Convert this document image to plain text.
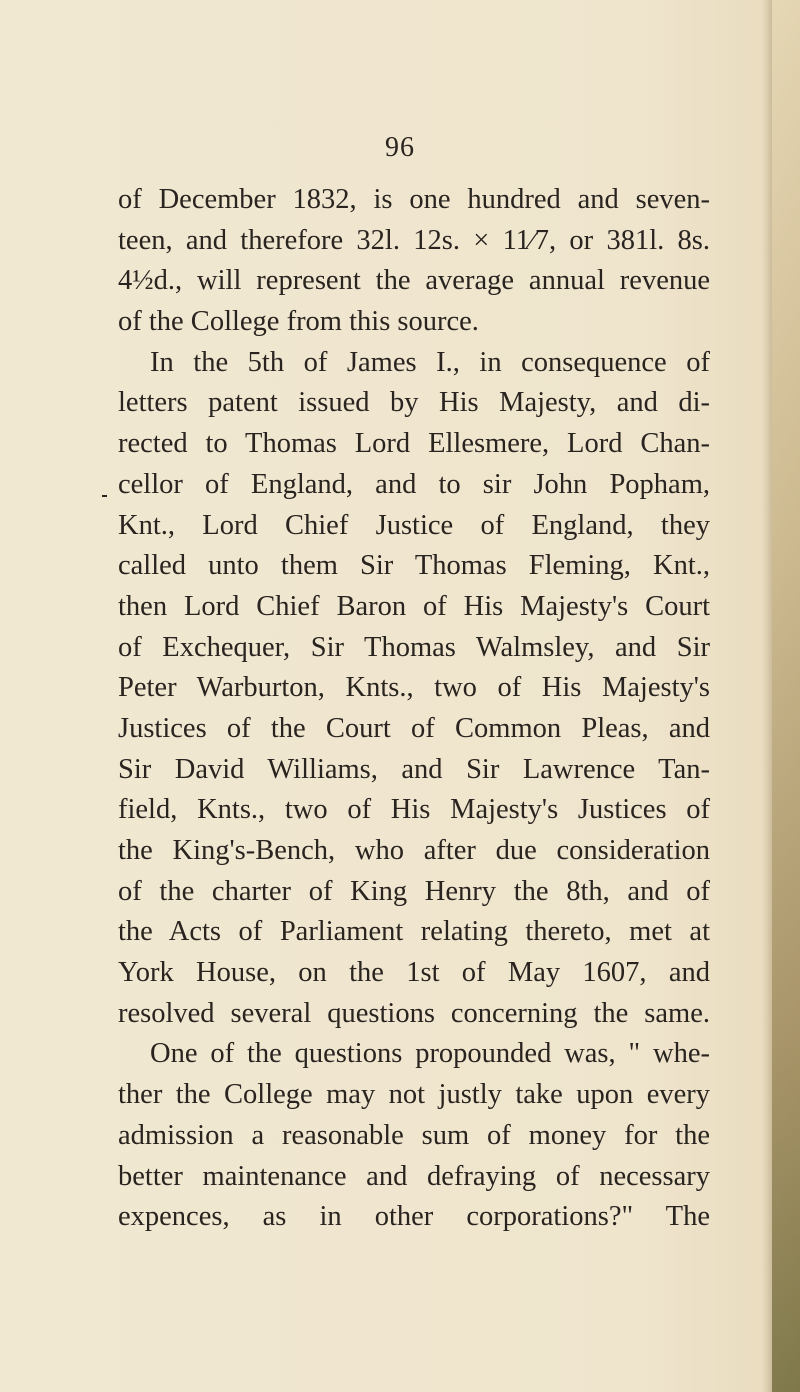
96
of December 1832, is one hundred and seven-
teen, and therefore 32l. 12s. × 11⁄7, or 381l. 8s.
4½d., will represent the average annual revenue
of the College from this source.
In the 5th of James I., in consequence of
letters patent issued by His Majesty, and di-
rected to Thomas Lord Ellesmere, Lord Chan-
cellor of England, and to sir John Popham,
Knt., Lord Chief Justice of England, they
called unto them Sir Thomas Fleming, Knt.,
then Lord Chief Baron of His Majesty's Court
of Exchequer, Sir Thomas Walmsley, and Sir
Peter Warburton, Knts., two of His Majesty's
Justices of the Court of Common Pleas, and
Sir David Williams, and Sir Lawrence Tan-
field, Knts., two of His Majesty's Justices of
the King's-Bench, who after due consideration
of the charter of King Henry the 8th, and of
the Acts of Parliament relating thereto, met at
York House, on the 1st of May 1607, and
resolved several questions concerning the same.
One of the questions propounded was, " whe-
ther the College may not justly take upon every
admission a reasonable sum of money for the
better maintenance and defraying of necessary
expences, as in other corporations?" The
